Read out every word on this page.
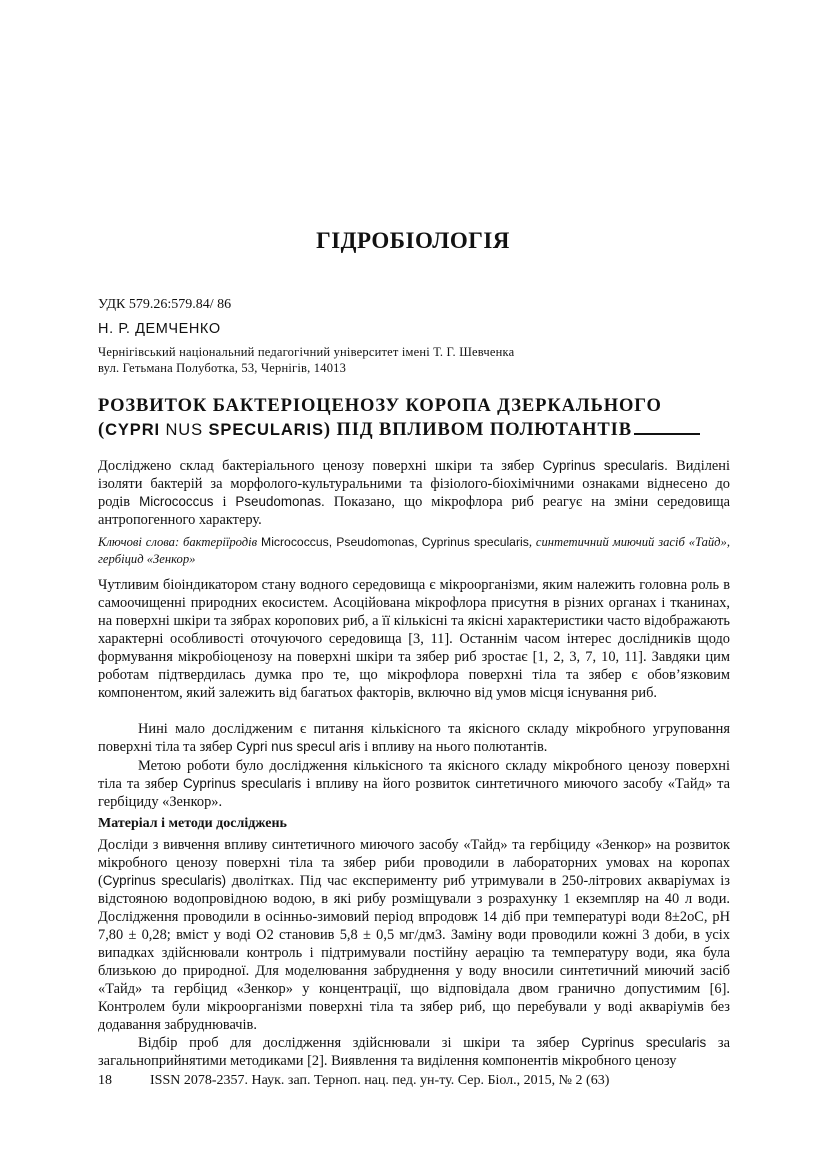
ГІДРОБІОЛОГІЯ
УДК 579.26:579.84/ 86
Н. Р. ДЕМЧЕНКО
Чернігівський національний педагогічний університет імені Т. Г. Шевченка
вул. Гетьмана Полуботка, 53, Чернігів, 14013
РОЗВИТОК БАКТЕРІОЦЕНОЗУ КОРОПА ДЗЕРКАЛЬНОГО
(CYPRI NUS SPECULARIS) ПІД ВПЛИВОМ ПОЛЮТАНТІВ
Досліджено склад бактеріального ценозу поверхні шкіри та зябер Cyprinus specularis. Виділені ізоляти бактерій за морфолого-культуральними та фізіолого-біохімічними ознаками віднесено до родів Micrococcus і Pseudomonas. Показано, що мікрофлора риб реагує на зміни середовища антропогенного характеру.
Ключові слова: бактеріїродів Micrococcus, Pseudomonas, Cyprinus specularis, синтетичний миючий засіб «Тайд», гербіцид «Зенкор»
Чутливим біоіндикатором стану водного середовища є мікроорганізми, яким належить головна роль в самоочищенні природних екосистем. Асоційована мікрофлора присутня в різних органах і тканинах, на поверхні шкіри та зябрах коропових риб, а її кількісні та якісні характеристики часто відображають характерні особливості оточуючого середовища [3, 11]. Останнім часом інтерес дослідників щодо формування мікробіоценозу на поверхні шкіри та зябер риб зростає [1, 2, 3, 7, 10, 11]. Завдяки цим роботам підтвердилась думка про те, що мікрофлора поверхні тіла та зябер є обов’язковим компонентом, який залежить від багатьох факторів, включно від умов місця існування риб.
Нині мало дослідженим є питання кількісного та якісного складу мікробного угруповання поверхні тіла та зябер Cypri nus specul aris і впливу на нього полютантів.
Метою роботи було дослідження кількісного та якісного складу мікробного ценозу поверхні тіла та зябер Cyprinus specularis і впливу на його розвиток синтетичного миючого засобу «Тайд» та гербіциду «Зенкор».
Матеріал і методи досліджень
Досліди з вивчення впливу синтетичного миючого засобу «Тайд» та гербіциду «Зенкор» на розвиток мікробного ценозу поверхні тіла та зябер риби проводили в лабораторних умовах на коропах (Cyprinus specularis) дволітках. Під час експерименту риб утримували в 250-літрових акваріумах із відстояною водопровідною водою, в які рибу розміщували з розрахунку 1 екземпляр на 40 л води. Дослідження проводили в осінньо-зимовий період впродовж 14 діб при температурі води 8±2оС, рН 7,80 ± 0,28; вміст у воді О2 становив 5,8 ± 0,5 мг/дм3. Заміну води проводили кожні 3 доби, в усіх випадках здійснювали контроль і підтримували постійну аерацію та температуру води, яка була близькою до природної. Для моделювання забруднення у воду вносили синтетичний миючий засіб «Тайд» та гербіцид «Зенкор» у концентрації, що відповідала двом гранично допустимим [6]. Контролем були мікроорганізми поверхні тіла та зябер риб, що перебували у воді акваріумів без додавання забруднювачів.
Відбір проб для дослідження здійснювали зі шкіри та зябер Cyprinus specularis за загальноприйнятими методиками [2]. Виявлення та виділення компонентів мікробного ценозу
18	ISSN 2078-2357. Наук. зап. Терноп. нац. пед. ун-ту. Сер. Біол., 2015, № 2 (63)
